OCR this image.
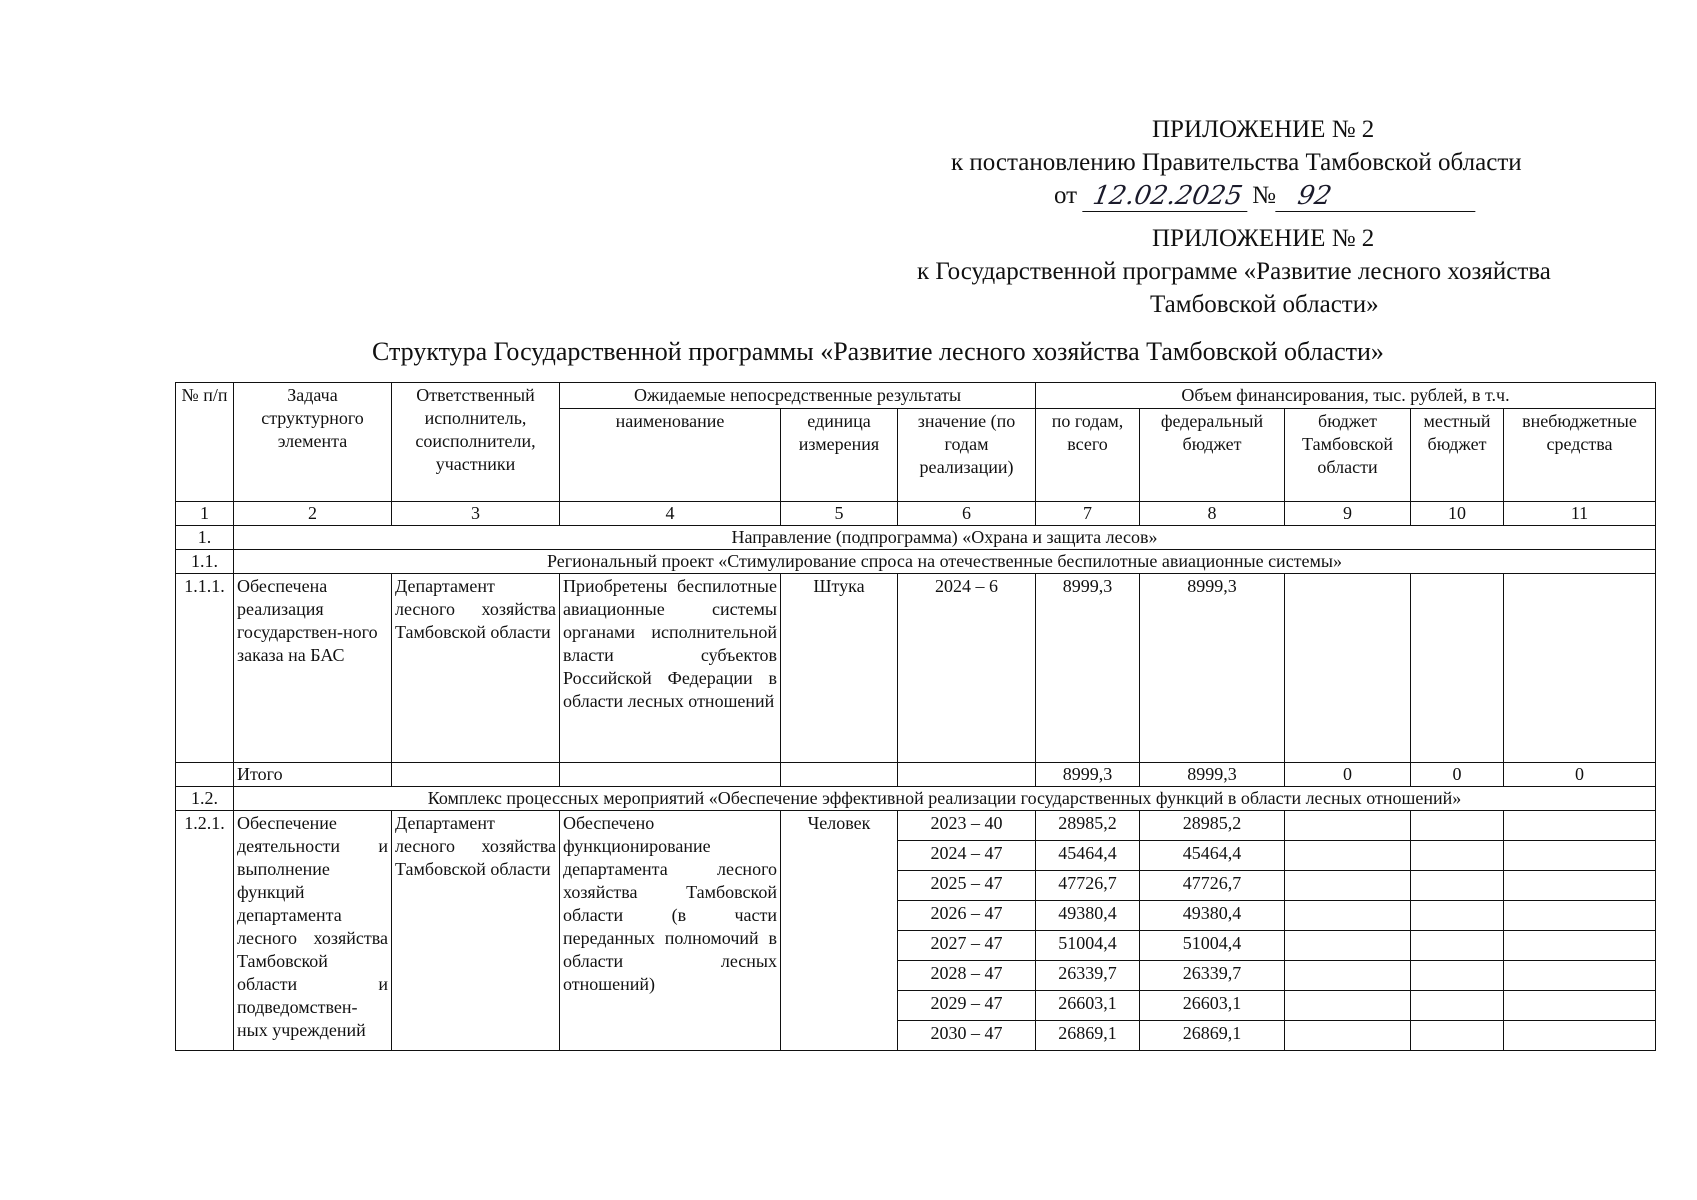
ПРИЛОЖЕНИЕ № 2
к постановлению Правительства Тамбовской области
от 12.02.2025 № 92
ПРИЛОЖЕНИЕ № 2
к Государственной программе «Развитие лесного хозяйства
Тамбовской области»
Структура Государственной программы «Развитие лесного хозяйства Тамбовской области»
№ п/п	Задача структурного элемента	Ответственный исполнитель, соисполнители, участники	Ожидаемые непосредственные результаты			Объем финансирования, тыс. рублей, в т.ч.				
			наименование	единица измерения	значение (по годам реализации)	по годам, всего	федеральный бюджет	бюджет Тамбовской области	местный бюджет	внебюджетные средства
1	2	3	4	5	6	7	8	9	10	11
1.	Направление (подпрограмма) «Охрана и защита лесов»									
1.1.	Региональный проект «Стимулирование спроса на отечественные беспилотные авиационные системы»									
1.1.1.	Обеспечена реализация государствен-ного заказа на БАС	Департамент лесного хозяйства Тамбовской области	Приобретены беспилотные авиационные системы органами исполнительной власти субъектов Российской Федерации в области лесных отношений	Штука	2024 – 6	8999,3	8999,3			
	Итого					8999,3	8999,3	0	0	0
1.2.	Комплекс процессных мероприятий «Обеспечение эффективной реализации государственных функций в области лесных отношений»									
1.2.1.	Обеспечение деятельности и выполнение функций департамента лесного хозяйства Тамбовской области и подведомствен-ных учреждений	Департамент лесного хозяйства Тамбовской области	Обеспечено функционирование департамента лесного хозяйства Тамбовской области (в части переданных полномочий в области лесных отношений)	Человек	2023 – 40	28985,2	28985,2			
					2024 – 47	45464,4	45464,4			
					2025 – 47	47726,7	47726,7			
					2026 – 47	49380,4	49380,4			
					2027 – 47	51004,4	51004,4			
					2028 – 47	26339,7	26339,7			
					2029 – 47	26603,1	26603,1			
					2030 – 47	26869,1	26869,1			
